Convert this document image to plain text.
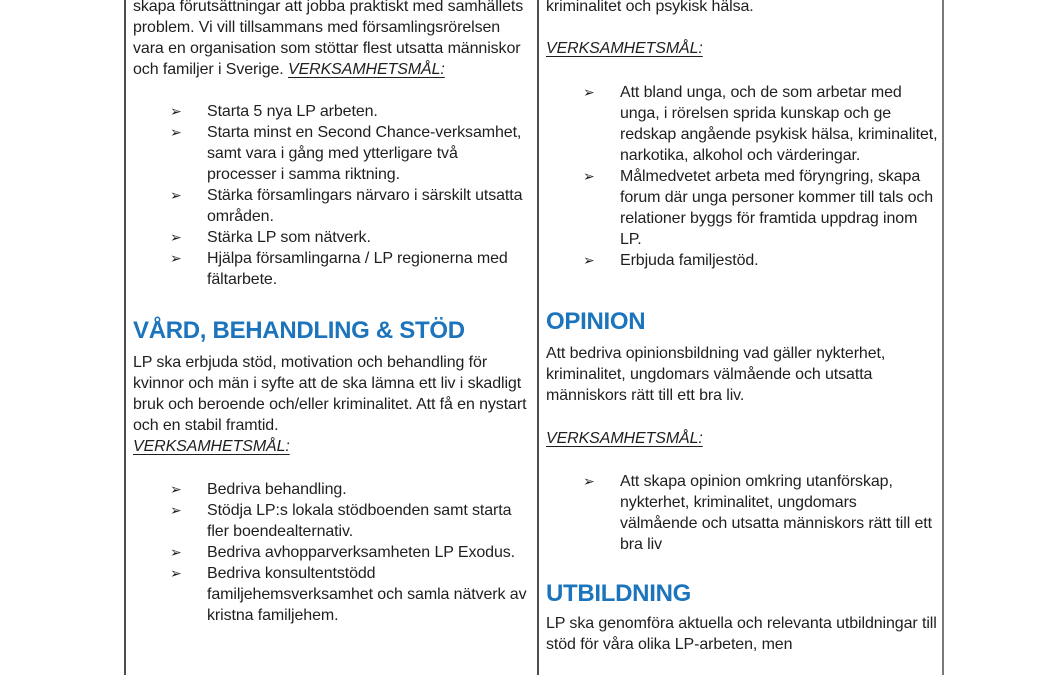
skapa förutsättningar att jobba praktiskt med samhällets problem. Vi vill tillsammans med församlingsrörelsen vara en organisation som stöttar flest utsatta människor och familjer i Sverige. VERKSAMHETSMÅL:

➢ Starta 5 nya LP arbeten.
➢ Starta minst en Second Chance-verksamhet, samt vara i gång med ytterligare två processer i samma riktning.
➢ Stärka församlingars närvaro i särskilt utsatta områden.
➢ Stärka LP som nätverk.
➢ Hjälpa församlingarna / LP regionerna med fältarbete.
VÅRD, BEHANDLING & STÖD

LP ska erbjuda stöd, motivation och behandling för kvinnor och män i syfte att de ska lämna ett liv i skadligt bruk och beroende och/eller kriminalitet. Att få en nystart och en stabil framtid.
VERKSAMHETSMÅL:

➢ Bedriva behandling.
➢ Stödja LP:s lokala stödboenden samt starta fler boendealternativ.
➢ Bedriva avhopparverksamheten LP Exodus.
➢ Bedriva konsultentstödd familjehemsverksamhet och samla nätverk av kristna familjehem.

kriminalitet och psykisk hälsa.

VERKSAMHETSMÅL:

➢ Att bland unga, och de som arbetar med unga, i rörelsen sprida kunskap och ge redskap angående psykisk hälsa, kriminalitet, narkotika, alkohol och värderingar.
➢ Målmedvetet arbeta med föryngring, skapa forum där unga personer kommer till tals och relationer byggs för framtida uppdrag inom LP.
➢ Erbjuda familjestöd.
OPINION

Att bedriva opinionsbildning vad gäller nykterhet, kriminalitet, ungdomars välmående och utsatta människors rätt till ett bra liv.

VERKSAMHETSMÅL:

➢ Att skapa opinion omkring utanförskap, nykterhet, kriminalitet, ungdomars välmående och utsatta människors rätt till ett bra liv
UTBILDNING

LP ska genomföra aktuella och relevanta utbildningar till stöd för våra olika LP-arbeten, men
